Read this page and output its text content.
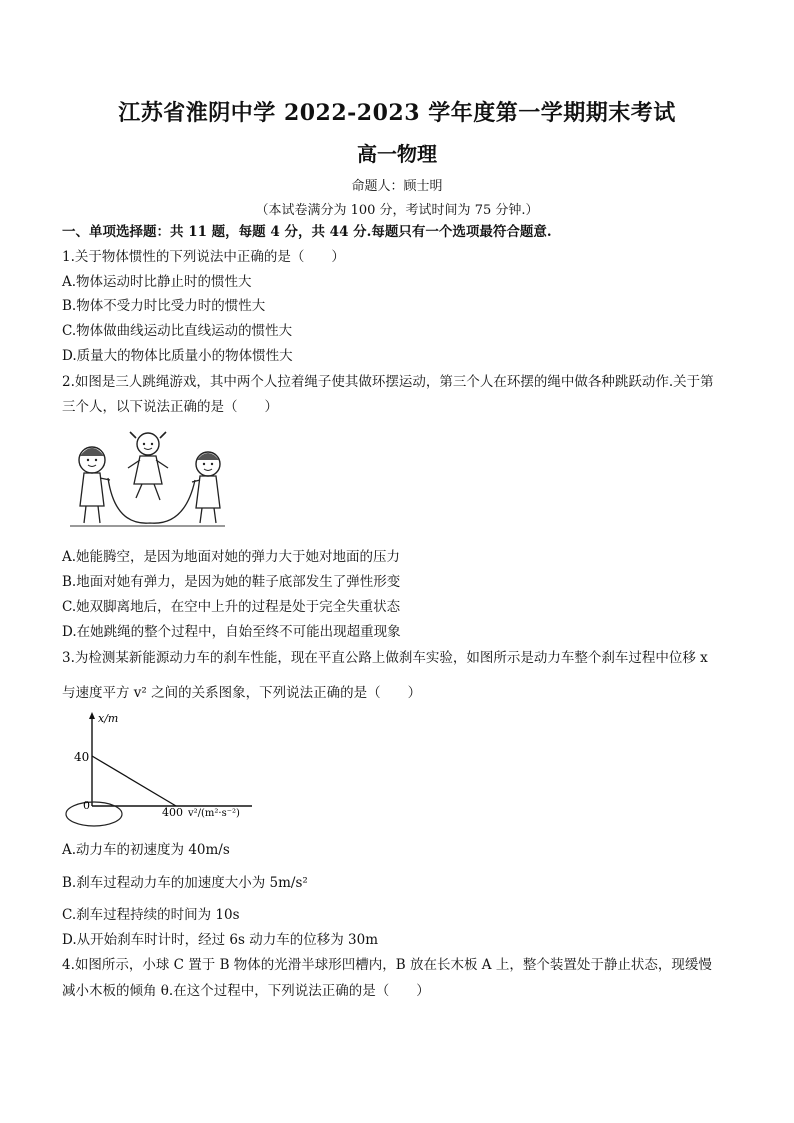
江苏省淮阴中学 2022-2023 学年度第一学期期末考试
高一物理
命题人：顾士明
（本试卷满分为 100 分，考试时间为 75 分钟.）
一、单项选择题：共 11 题，每题 4 分，共 44 分.每题只有一个选项最符合题意.
1.关于物体惯性的下列说法中正确的是（　　）
A.物体运动时比静止时的惯性大
B.物体不受力时比受力时的惯性大
C.物体做曲线运动比直线运动的惯性大
D.质量大的物体比质量小的物体惯性大
2.如图是三人跳绳游戏，其中两个人拉着绳子使其做环摆运动，第三个人在环摆的绳中做各种跳跃动作.关于第
三个人，以下说法正确的是（　　）
A.她能腾空，是因为地面对她的弹力大于她对地面的压力
B.地面对她有弹力，是因为她的鞋子底部发生了弹性形变
C.她双脚离地后，在空中上升的过程是处于完全失重状态
D.在她跳绳的整个过程中，自始至终不可能出现超重现象
3.为检测某新能源动力车的刹车性能，现在平直公路上做刹车实验，如图所示是动力车整个刹车过程中位移 x
与速度平方 v² 之间的关系图象，下列说法正确的是（　　）
x/m
40
0
400 v²/(m²·s⁻²)
A.动力车的初速度为 40m/s
B.刹车过程动力车的加速度大小为 5m/s²
C.刹车过程持续的时间为 10s
D.从开始刹车时计时，经过 6s 动力车的位移为 30m
4.如图所示，小球 C 置于 B 物体的光滑半球形凹槽内，B 放在长木板 A 上，整个装置处于静止状态，现缓慢
减小木板的倾角 θ.在这个过程中，下列说法正确的是（　　）
